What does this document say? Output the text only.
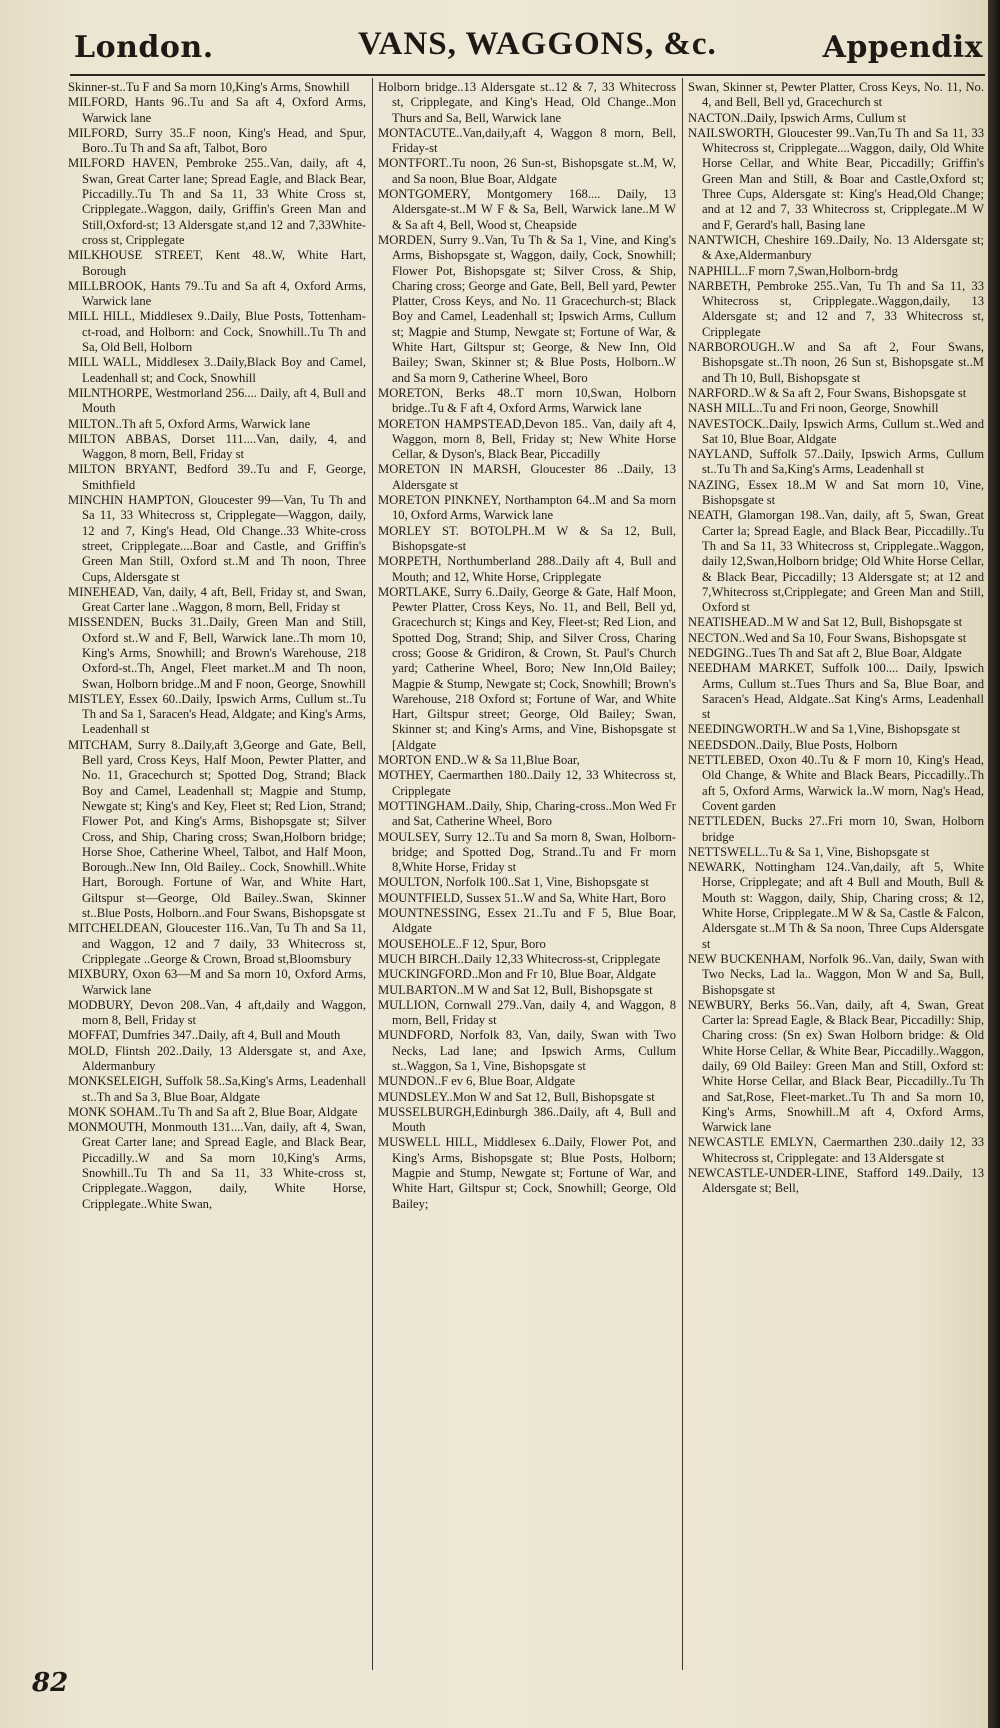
London.	VANS, WAGGONS, &c.	Appendix

Skinner-st..Tu F and Sa morn 10,King's Arms, Snowhill

MILFORD, Hants 96..Tu and Sa aft 4, Oxford Arms, Warwick lane

MILFORD, Surry 35..F noon, King's Head, and Spur, Boro..Tu Th and Sa aft, Talbot, Boro

MILFORD HAVEN, Pembroke 255..Van, daily, aft 4, Swan, Great Carter lane; Spread Eagle, and Black Bear, Piccadilly..Tu Th and Sa 11, 33 White Cross st, Cripplegate..Waggon, daily, Griffin's Green Man and Still,Oxford-st; 13 Aldersgate st,and 12 and 7,33White-cross st, Cripplegate

MILKHOUSE STREET, Kent 48..W, White Hart, Borough

MILLBROOK, Hants 79..Tu and Sa aft 4, Oxford Arms, Warwick lane

MILL HILL, Middlesex 9..Daily, Blue Posts, Tottenham-ct-road, and Holborn: and Cock, Snowhill..Tu Th and Sa, Old Bell, Holborn

MILL WALL, Middlesex 3..Daily,Black Boy and Camel, Leadenhall st; and Cock, Snowhill

MILNTHORPE, Westmorland 256.... Daily, aft 4, Bull and Mouth

MILTON..Th aft 5, Oxford Arms, Warwick lane

MILTON ABBAS, Dorset 111....Van, daily, 4, and Waggon, 8 morn, Bell, Friday st

MILTON BRYANT, Bedford 39..Tu and F, George, Smithfield

MINCHIN HAMPTON, Gloucester 99—Van, Tu Th and Sa 11, 33 Whitecross st, Cripplegate—Waggon, daily, 12 and 7, King's Head, Old Change..33 White-cross street, Cripplegate....Boar and Castle, and Griffin's Green Man Still, Oxford st..M and Th noon, Three Cups, Aldersgate st

MINEHEAD, Van, daily, 4 aft, Bell, Friday st, and Swan, Great Carter lane ..Waggon, 8 morn, Bell, Friday st

MISSENDEN, Bucks 31..Daily, Green Man and Still, Oxford st..W and F, Bell, Warwick lane..Th morn 10, King's Arms, Snowhill; and Brown's Warehouse, 218 Oxford-st..Th, Angel, Fleet market..M and Th noon, Swan, Holborn bridge..M and F noon, George, Snowhill

MISTLEY, Essex 60..Daily, Ipswich Arms, Cullum st..Tu Th and Sa 1, Saracen's Head, Aldgate; and King's Arms, Leadenhall st

MITCHAM, Surry 8..Daily,aft 3,George and Gate, Bell, Bell yard, Cross Keys, Half Moon, Pewter Platter, and No. 11, Gracechurch st; Spotted Dog, Strand; Black Boy and Camel, Leadenhall st; Magpie and Stump, Newgate st; King's and Key, Fleet st; Red Lion, Strand; Flower Pot, and King's Arms, Bishopsgate st; Silver Cross, and Ship, Charing cross; Swan,Holborn bridge; Horse Shoe, Catherine Wheel, Talbot, and Half Moon, Borough..New Inn, Old Bailey.. Cock, Snowhill..White Hart, Borough. Fortune of War, and White Hart, Giltspur st—George, Old Bailey..Swan, Skinner st..Blue Posts, Holborn..and Four Swans, Bishopsgate st

MITCHELDEAN, Gloucester 116..Van, Tu Th and Sa 11, and Waggon, 12 and 7 daily, 33 Whitecross st, Cripplegate ..George & Crown, Broad st,Bloomsbury

MIXBURY, Oxon 63—M and Sa morn 10, Oxford Arms, Warwick lane

MODBURY, Devon 208..Van, 4 aft,daily and Waggon, morn 8, Bell, Friday st

MOFFAT, Dumfries 347..Daily, aft 4, Bull and Mouth

MOLD, Flintsh 202..Daily, 13 Aldersgate st, and Axe, Aldermanbury

MONKSELEIGH, Suffolk 58..Sa,King's Arms, Leadenhall st..Th and Sa 3, Blue Boar, Aldgate

MONK SOHAM..Tu Th and Sa aft 2, Blue Boar, Aldgate

MONMOUTH, Monmouth 131....Van, daily, aft 4, Swan, Great Carter lane; and Spread Eagle, and Black Bear, Piccadilly..W and Sa morn 10,King's Arms, Snowhill..Tu Th and Sa 11, 33 White-cross st, Cripplegate..Waggon, daily, White Horse, Cripplegate..White Swan,

Holborn bridge..13 Aldersgate st..12 & 7, 33 Whitecross st, Cripplegate, and King's Head, Old Change..Mon Thurs and Sa, Bell, Warwick lane

MONTACUTE..Van,daily,aft 4, Waggon 8 morn, Bell, Friday-st

MONTFORT..Tu noon, 26 Sun-st, Bishopsgate st..M, W, and Sa noon, Blue Boar, Aldgate

MONTGOMERY, Montgomery 168.... Daily, 13 Aldersgate-st..M W F & Sa, Bell, Warwick lane..M W & Sa aft 4, Bell, Wood st, Cheapside

MORDEN, Surry 9..Van, Tu Th & Sa 1, Vine, and King's Arms, Bishopsgate st, Waggon, daily, Cock, Snowhill; Flower Pot, Bishopsgate st; Silver Cross, & Ship, Charing cross; George and Gate, Bell, Bell yard, Pewter Platter, Cross Keys, and No. 11 Gracechurch-st; Black Boy and Camel, Leadenhall st; Ipswich Arms, Cullum st; Magpie and Stump, Newgate st; Fortune of War, & White Hart, Giltspur st; George, & New Inn, Old Bailey; Swan, Skinner st; & Blue Posts, Holborn..W and Sa morn 9, Catherine Wheel, Boro

MORETON, Berks 48..T morn 10,Swan, Holborn bridge..Tu & F aft 4, Oxford Arms, Warwick lane

MORETON HAMPSTEAD,Devon 185.. Van, daily aft 4, Waggon, morn 8, Bell, Friday st; New White Horse Cellar, & Dyson's, Black Bear, Piccadilly

MORETON IN MARSH, Gloucester 86 ..Daily, 13 Aldersgate st

MORETON PINKNEY, Northampton 64..M and Sa morn 10, Oxford Arms, Warwick lane

MORLEY ST. BOTOLPH..M W & Sa 12, Bull, Bishopsgate-st

MORPETH, Northumberland 288..Daily aft 4, Bull and Mouth; and 12, White Horse, Cripplegate

MORTLAKE, Surry 6..Daily, George & Gate, Half Moon, Pewter Platter, Cross Keys, No. 11, and Bell, Bell yd, Gracechurch st; Kings and Key, Fleet-st; Red Lion, and Spotted Dog, Strand; Ship, and Silver Cross, Charing cross; Goose & Gridiron, & Crown, St. Paul's Church yard; Catherine Wheel, Boro; New Inn,Old Bailey; Magpie & Stump, Newgate st; Cock, Snowhill; Brown's Warehouse, 218 Oxford st; Fortune of War, and White Hart, Giltspur street; George, Old Bailey; Swan, Skinner st; and King's Arms, and Vine, Bishopsgate st [Aldgate

MORTON END..W & Sa 11,Blue Boar,

MOTHEY, Caermarthen 180..Daily 12, 33 Whitecross st, Cripplegate

MOTTINGHAM..Daily, Ship, Charing-cross..Mon Wed Fr and Sat, Catherine Wheel, Boro

MOULSEY, Surry 12..Tu and Sa morn 8, Swan, Holborn-bridge; and Spotted Dog, Strand..Tu and Fr morn 8,White Horse, Friday st

MOULTON, Norfolk 100..Sat 1, Vine, Bishopsgate st

MOUNTFIELD, Sussex 51..W and Sa, White Hart, Boro

MOUNTNESSING, Essex 21..Tu and F 5, Blue Boar, Aldgate

MOUSEHOLE..F 12, Spur, Boro

MUCH BIRCH..Daily 12,33 Whitecross-st, Cripplegate

MUCKINGFORD..Mon and Fr 10, Blue Boar, Aldgate

MULBARTON..M W and Sat 12, Bull, Bishopsgate st

MULLION, Cornwall 279..Van, daily 4, and Waggon, 8 morn, Bell, Friday st

MUNDFORD, Norfolk 83, Van, daily, Swan with Two Necks, Lad lane; and Ipswich Arms, Cullum st..Waggon, Sa 1, Vine, Bishopsgate st

MUNDON..F ev 6, Blue Boar, Aldgate

MUNDSLEY..Mon W and Sat 12, Bull, Bishopsgate st

MUSSELBURGH,Edinburgh 386..Daily, aft 4, Bull and Mouth

MUSWELL HILL, Middlesex 6..Daily, Flower Pot, and King's Arms, Bishopsgate st; Blue Posts, Holborn; Magpie and Stump, Newgate st; Fortune of War, and White Hart, Giltspur st; Cock, Snowhill; George, Old Bailey;

Swan, Skinner st, Pewter Platter, Cross Keys, No. 11, No. 4, and Bell, Bell yd, Gracechurch st

NACTON..Daily, Ipswich Arms, Cullum st

NAILSWORTH, Gloucester 99..Van,Tu Th and Sa 11, 33 Whitecross st, Cripplegate....Waggon, daily, Old White Horse Cellar, and White Bear, Piccadilly; Griffin's Green Man and Still, & Boar and Castle,Oxford st; Three Cups, Aldersgate st: King's Head,Old Change; and at 12 and 7, 33 Whitecross st, Cripplegate..M W and F, Gerard's hall, Basing lane

NANTWICH, Cheshire 169..Daily, No. 13 Aldersgate st; & Axe,Aldermanbury

NAPHILL..F morn 7,Swan,Holborn-brdg

NARBETH, Pembroke 255..Van, Tu Th and Sa 11, 33 Whitecross st, Cripplegate..Waggon,daily, 13 Aldersgate st; and 12 and 7, 33 Whitecross st, Cripplegate

NARBOROUGH..W and Sa aft 2, Four Swans, Bishopsgate st..Th noon, 26 Sun st, Bishopsgate st..M and Th 10, Bull, Bishopsgate st

NARFORD..W & Sa aft 2, Four Swans, Bishopsgate st

NASH MILL..Tu and Fri noon, George, Snowhill

NAVESTOCK..Daily, Ipswich Arms, Cullum st..Wed and Sat 10, Blue Boar, Aldgate

NAYLAND, Suffolk 57..Daily, Ipswich Arms, Cullum st..Tu Th and Sa,King's Arms, Leadenhall st

NAZING, Essex 18..M W and Sat morn 10, Vine, Bishopsgate st

NEATH, Glamorgan 198..Van, daily, aft 5, Swan, Great Carter la; Spread Eagle, and Black Bear, Piccadilly..Tu Th and Sa 11, 33 Whitecross st, Cripplegate..Waggon, daily 12,Swan,Holborn bridge; Old White Horse Cellar, & Black Bear, Piccadilly; 13 Aldersgate st; at 12 and 7,Whitecross st,Cripplegate; and Green Man and Still, Oxford st

NEATISHEAD..M W and Sat 12, Bull, Bishopsgate st

NECTON..Wed and Sa 10, Four Swans, Bishopsgate st

NEDGING..Tues Th and Sat aft 2, Blue Boar, Aldgate

NEEDHAM MARKET, Suffolk 100.... Daily, Ipswich Arms, Cullum st..Tues Thurs and Sa, Blue Boar, and Saracen's Head, Aldgate..Sat King's Arms, Leadenhall st

NEEDINGWORTH..W and Sa 1,Vine, Bishopsgate st

NEEDSDON..Daily, Blue Posts, Holborn

NETTLEBED, Oxon 40..Tu & F morn 10, King's Head, Old Change, & White and Black Bears, Piccadilly..Th aft 5, Oxford Arms, Warwick la..W morn, Nag's Head, Covent garden

NETTLEDEN, Bucks 27..Fri morn 10, Swan, Holborn bridge

NETTSWELL..Tu & Sa 1, Vine, Bishopsgate st

NEWARK, Nottingham 124..Van,daily, aft 5, White Horse, Cripplegate; and aft 4 Bull and Mouth, Bull & Mouth st: Waggon, daily, Ship, Charing cross; & 12, White Horse, Cripplegate..M W & Sa, Castle & Falcon, Aldersgate st..M Th & Sa noon, Three Cups Aldersgate st

NEW BUCKENHAM, Norfolk 96..Van, daily, Swan with Two Necks, Lad la.. Waggon, Mon W and Sa, Bull, Bishopsgate st

NEWBURY, Berks 56..Van, daily, aft 4, Swan, Great Carter la: Spread Eagle, & Black Bear, Piccadilly: Ship, Charing cross: (Sn ex) Swan Holborn bridge: & Old White Horse Cellar, & White Bear, Piccadilly..Waggon, daily, 69 Old Bailey: Green Man and Still, Oxford st: White Horse Cellar, and Black Bear, Piccadilly..Tu Th and Sat,Rose, Fleet-market..Tu Th and Sa morn 10, King's Arms, Snowhill..M aft 4, Oxford Arms, Warwick lane

NEWCASTLE EMLYN, Caermarthen 230..daily 12, 33 Whitecross st, Cripplegate: and 13 Aldersgate st

NEWCASTLE-UNDER-LINE, Stafford 149..Daily, 13 Aldersgate st; Bell,

82
